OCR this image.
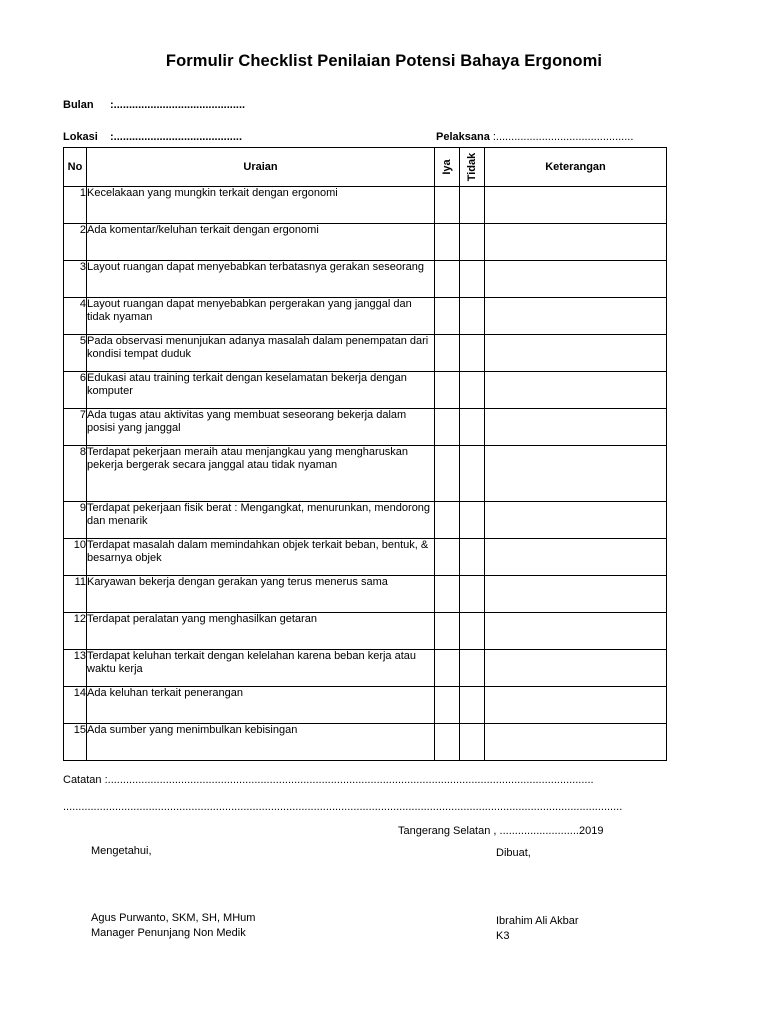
Formulir Checklist Penilaian Potensi Bahaya Ergonomi
Bulan :...........................................
Lokasi :..........................................	Pelaksana :.............................................
No	Uraian	Iya	Tidak	Keterangan
1	Kecelakaan yang mungkin terkait dengan ergonomi			
2	Ada komentar/keluhan terkait dengan ergonomi			
3	Layout ruangan dapat menyebabkan terbatasnya gerakan seseorang			
4	Layout ruangan dapat menyebabkan pergerakan yang janggal dan tidak nyaman			
5	Pada observasi menunjukan adanya masalah dalam penempatan dari kondisi tempat duduk			
6	Edukasi atau training terkait dengan keselamatan bekerja dengan komputer			
7	Ada tugas atau aktivitas yang membuat seseorang bekerja dalam posisi yang janggal			
8	Terdapat pekerjaan meraih atau menjangkau yang mengharuskan pekerja bergerak secara janggal atau tidak nyaman			
9	Terdapat pekerjaan fisik berat : Mengangkat, menurunkan, mendorong dan menarik			
10	Terdapat masalah dalam memindahkan objek terkait beban, bentuk, & besarnya objek			
11	Karyawan bekerja dengan gerakan yang terus menerus sama			
12	Terdapat peralatan yang menghasilkan getaran			
13	Terdapat keluhan terkait dengan kelelahan karena beban kerja atau waktu kerja			
14	Ada keluhan terkait penerangan			
15	Ada sumber yang menimbulkan kebisingan			
Catatan :...............................................................................................................................................................
.......................................................................................................................................................................................
Tangerang Selatan , ..........................2019
Mengetahui,	Dibuat,
Agus Purwanto, SKM, SH, MHum
Manager Penunjang Non Medik
Ibrahim Ali Akbar
K3
